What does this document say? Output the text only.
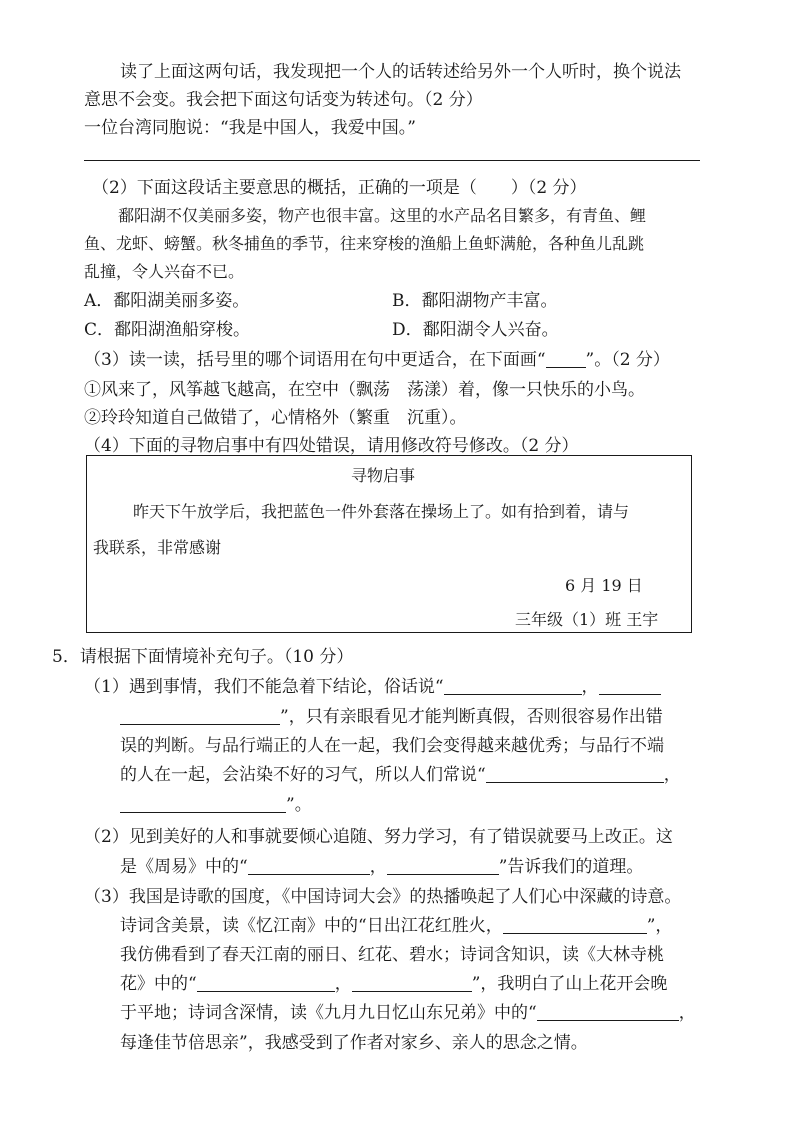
读了上面这两句话，我发现把一个人的话转述给另外一个人听时，换个说法
意思不会变。我会把下面这句话变为转述句。（2 分）
一位台湾同胞说：“我是中国人，我爱中国。”
（2）下面这段话主要意思的概括，正确的一项是（　　）（2 分）
鄱阳湖不仅美丽多姿，物产也很丰富。这里的水产品名目繁多，有青鱼、鲤
鱼、龙虾、螃蟹。秋冬捕鱼的季节，往来穿梭的渔船上鱼虾满舱，各种鱼儿乱跳
乱撞，令人兴奋不已。
A．鄱阳湖美丽多姿。	B．鄱阳湖物产丰富。
C．鄱阳湖渔船穿梭。	D．鄱阳湖令人兴奋。
（3）读一读，括号里的哪个词语用在句中更适合，在下面画“ ”。（2 分）
①风来了，风筝越飞越高，在空中（飘荡　荡漾）着，像一只快乐的小鸟。
②玲玲知道自己做错了，心情格外（繁重　沉重）。
（4）下面的寻物启事中有四处错误，请用修改符号修改。（2 分）
寻物启事
昨天下午放学后，我把蓝色一件外套落在操场上了。如有拾到着，请与
我联系，非常感谢
6 月 19 日
三年级（1）班 王宇
5．请根据下面情境补充句子。（10 分）
（1）遇到事情，我们不能急着下结论，俗话说“	，
”，只有亲眼看见才能判断真假，否则很容易作出错
误的判断。与品行端正的人在一起，我们会变得越来越优秀；与品行不端
的人在一起，会沾染不好的习气，所以人们常说“	，
”。
（2）见到美好的人和事就要倾心追随、努力学习，有了错误就要马上改正。这
是《周易》中的“	，	”告诉我们的道理。
（3）我国是诗歌的国度，《中国诗词大会》的热播唤起了人们心中深藏的诗意。
诗词含美景，读《忆江南》中的“日出江花红胜火，	”，
我仿佛看到了春天江南的丽日、红花、碧水；诗词含知识，读《大林寺桃
花》中的“	，	”，我明白了山上花开会晚
于平地；诗词含深情，读《九月九日忆山东兄弟》中的“	，
每逢佳节倍思亲”，我感受到了作者对家乡、亲人的思念之情。
